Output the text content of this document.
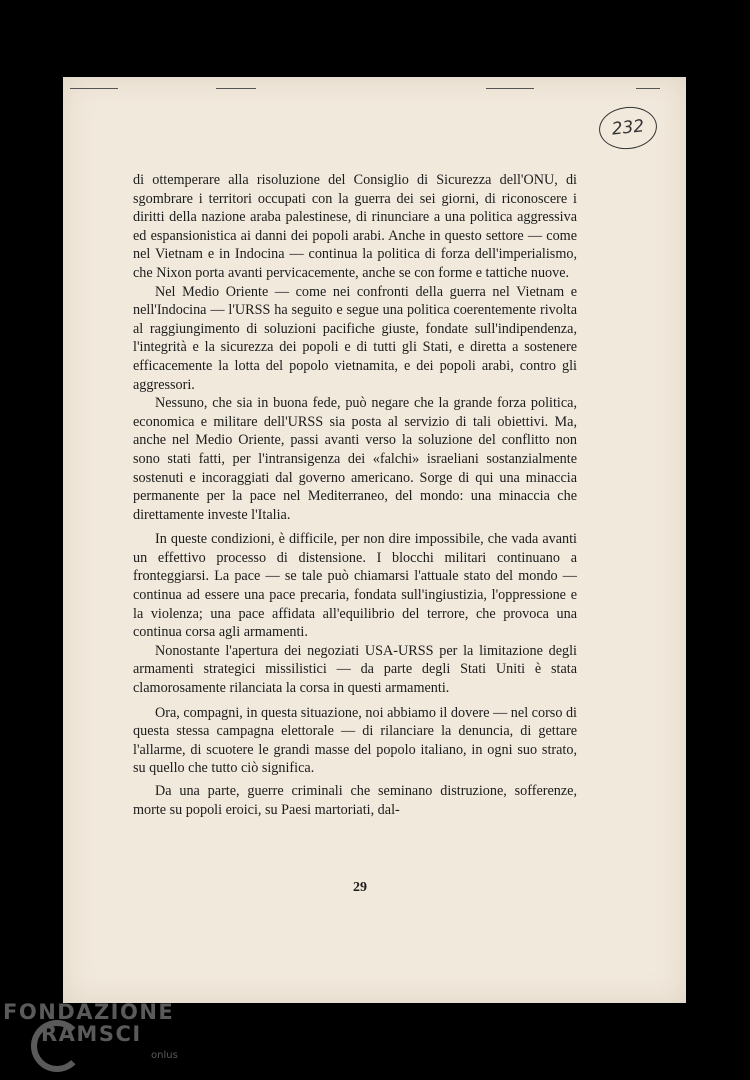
232

di ottemperare alla risoluzione del Consiglio di Sicurezza dell'ONU, di sgombrare i territori occupati con la guerra dei sei giorni, di riconoscere i diritti della nazione araba palestinese, di rinunciare a una politica aggressiva ed espansionistica ai danni dei popoli arabi. Anche in questo settore — come nel Vietnam e in Indocina — continua la politica di forza dell'imperialismo, che Nixon porta avanti pervicacemente, anche se con forme e tattiche nuove.

Nel Medio Oriente — come nei confronti della guerra nel Vietnam e nell'Indocina — l'URSS ha seguito e segue una politica coerentemente rivolta al raggiungimento di soluzioni pacifiche giuste, fondate sull'indipendenza, l'integrità e la sicurezza dei popoli e di tutti gli Stati, e diretta a sostenere efficacemente la lotta del popolo vietnamita, e dei popoli arabi, contro gli aggressori.

Nessuno, che sia in buona fede, può negare che la grande forza politica, economica e militare dell'URSS sia posta al servizio di tali obiettivi. Ma, anche nel Medio Oriente, passi avanti verso la soluzione del conflitto non sono stati fatti, per l'intransigenza dei «falchi» israeliani sostanzialmente sostenuti e incoraggiati dal governo americano. Sorge di qui una minaccia permanente per la pace nel Mediterraneo, del mondo: una minaccia che direttamente investe l'Italia.

In queste condizioni, è difficile, per non dire impossibile, che vada avanti un effettivo processo di distensione. I blocchi militari continuano a fronteggiarsi. La pace — se tale può chiamarsi l'attuale stato del mondo — continua ad essere una pace precaria, fondata sull'ingiustizia, l'oppressione e la violenza; una pace affidata all'equilibrio del terrore, che provoca una continua corsa agli armamenti.

Nonostante l'apertura dei negoziati USA-URSS per la limitazione degli armamenti strategici missilistici — da parte degli Stati Uniti è stata clamorosamente rilanciata la corsa in questi armamenti.

Ora, compagni, in questa situazione, noi abbiamo il dovere — nel corso di questa stessa campagna elettorale — di rilanciare la denuncia, di gettare l'allarme, di scuotere le grandi masse del popolo italiano, in ogni suo strato, su quello che tutto ciò significa.

Da una parte, guerre criminali che seminano distruzione, sofferenze, morte su popoli eroici, su Paesi martoriati, dal-

29
FONDAZIONE
RAMSCI
onlus
